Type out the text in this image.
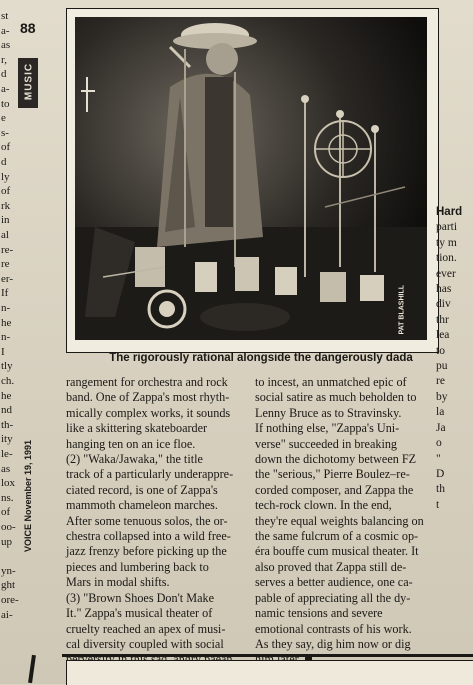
st
a-
as
r,
d
a-
to
e
s-
of
d
ly
of
rk
in
al
re-
re
er-
If
n-
he
n-
I
tly
ch.
he
nd
th-
ity
le-
as
lox
ns.
of
oo-
up
yn-
ght
ore-
ai-
88
MUSIC
VOICE November 19, 1991
PAT BLASHILL
The rigorously rational alongside the dangerously dada

rangement for orchestra and rock

band. One of Zappa's most rhyth-

mically complex works, it sounds

like a skittering skateboarder

hanging ten on an ice floe.

(2) "Waka/Jawaka," the title

track of a particularly underappre-

ciated record, is one of Zappa's

mammoth chameleon marches.

After some tenuous solos, the or-

chestra collapsed into a wild free-

jazz frenzy before picking up the

pieces and lumbering back to

Mars in modal shifts.

(3) "Brown Shoes Don't Make

It." Zappa's musical theater of

cruelty reached an apex of musi-

cal diversity coupled with social

to incest, an unmatched epic of

social satire as much beholden to

Lenny Bruce as to Stravinsky.

If nothing else, "Zappa's Uni-

verse" succeeded in breaking

down the dichotomy between FZ

the "serious," Pierre Boulez–re-

corded composer, and Zappa the

tech-rock clown. In the end,

they're equal weights balancing on

the same fulcrum of a cosmic op-

éra bouffe cum musical theater. It

also proved that Zappa still de-

serves a better audience, one ca-

pable of appreciating all the dy-

namic tensions and severe

emotional contrasts of his work.

As they say, dig him now or dig

Hard

parti

ty m

tion.

ever

has

div

thr

lea

to

pu

re

by

la

Ja

o

"

D

th

t
